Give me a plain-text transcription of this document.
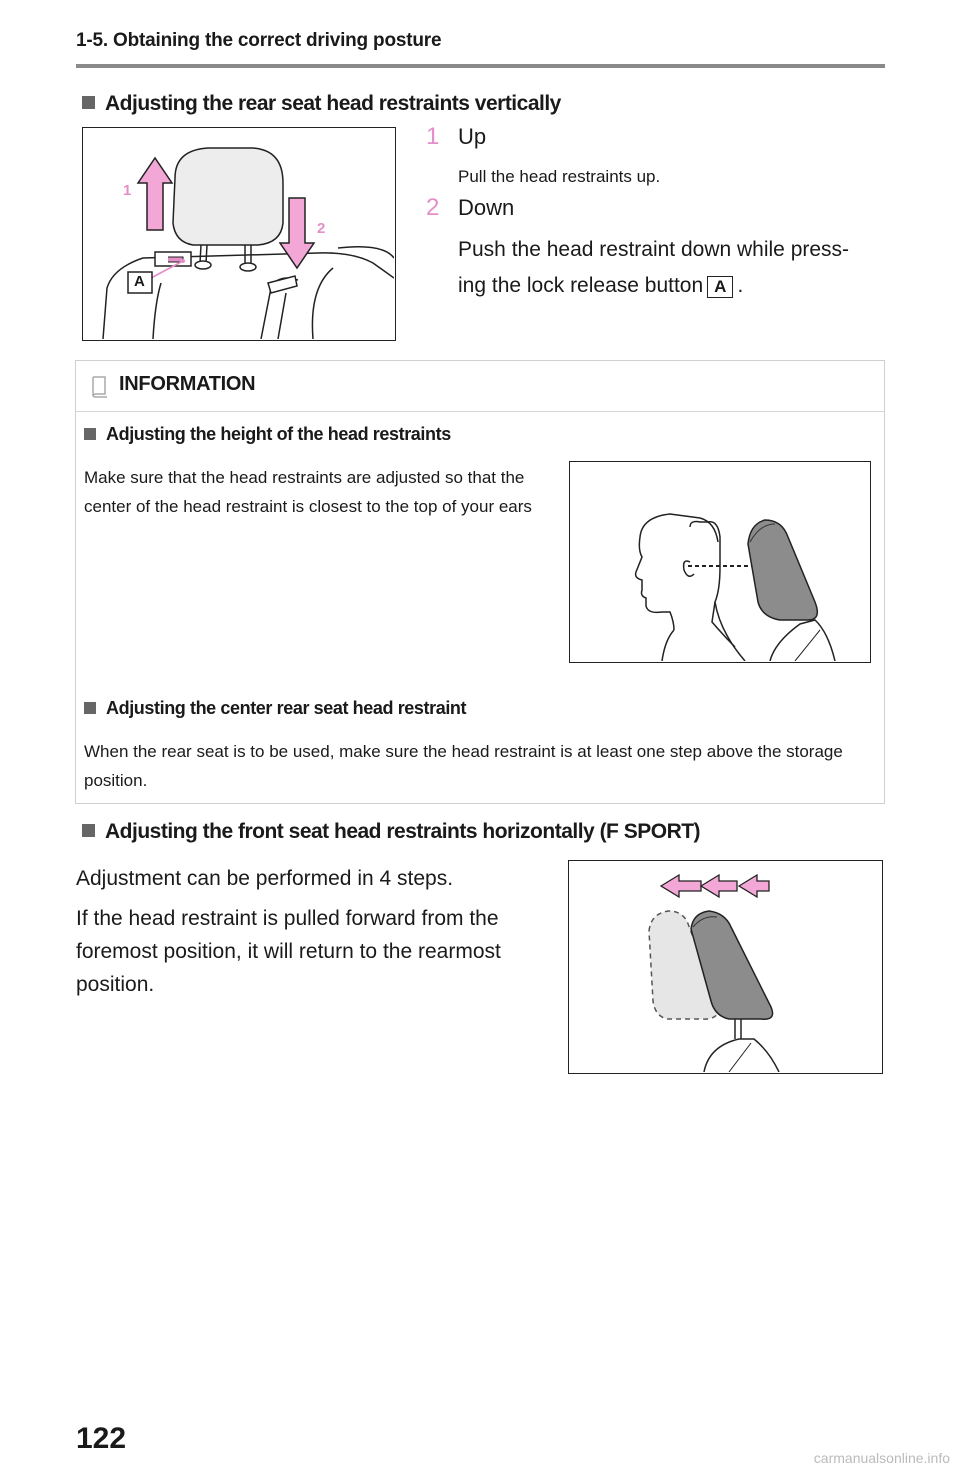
1-5. Obtaining the correct driving posture
Adjusting the rear seat head restraints vertically
1
2
A
1 Up
Pull the head restraints up.
2 Down
Push the head restraint down while press-
ing the lock release button A .
INFORMATION
Adjusting the height of the head restraints
Make sure that the head restraints are adjusted so that the center of the head restraint is closest to the top of your ears
Adjusting the center rear seat head restraint
When the rear seat is to be used, make sure the head restraint is at least one step above the storage position.
Adjusting the front seat head restraints horizontally (F SPORT)
Adjustment can be performed in 4 steps.
If the head restraint is pulled forward from the foremost position, it will return to the rearmost position.
122
carmanualsonline.info
